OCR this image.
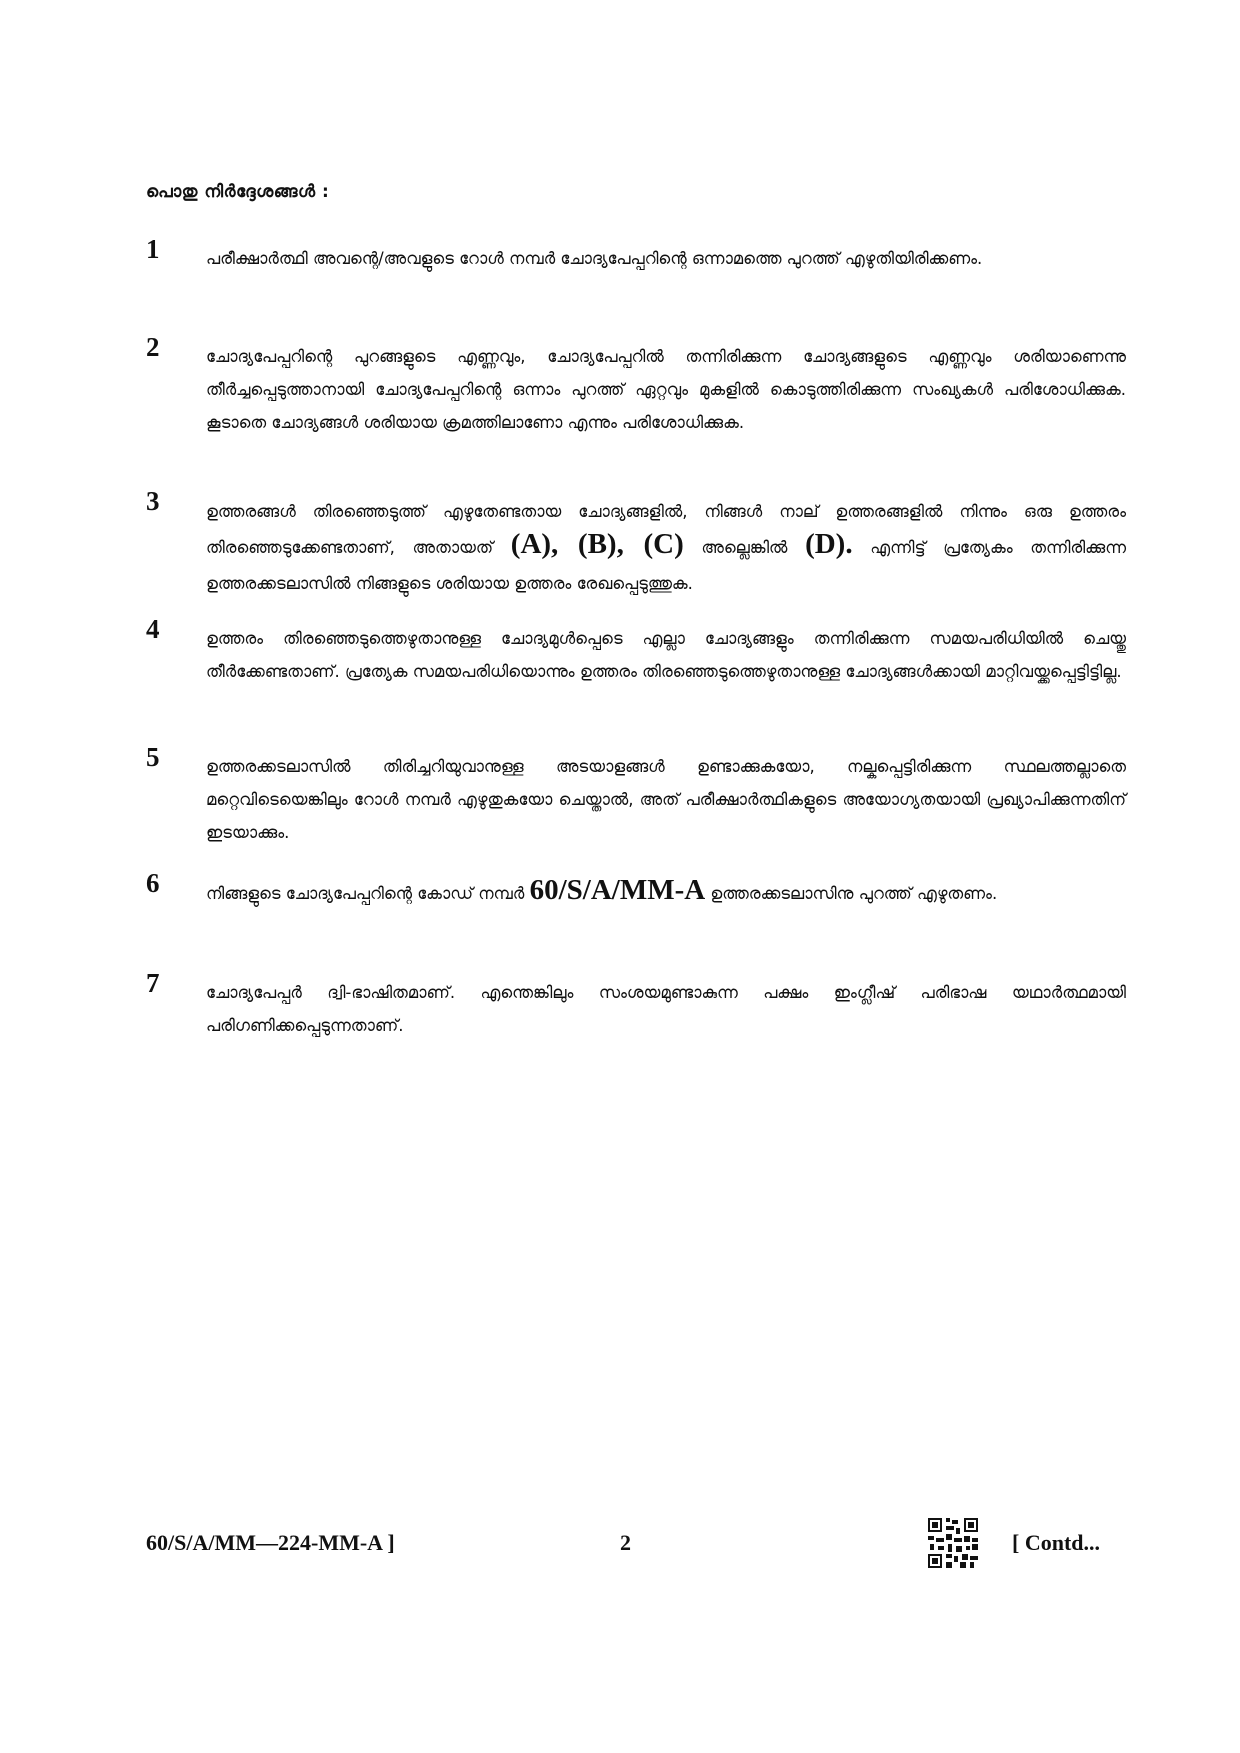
പൊതു നിർദ്ദേശങ്ങൾ :
1	പരീക്ഷാർത്ഥി അവന്റെ/അവളുടെ റോൾ നമ്പർ ചോദ്യപേപ്പറിന്റെ ഒന്നാമത്തെ പുറത്ത് എഴുതിയിരിക്കണം.
2	ചോദ്യപേപ്പറിന്റെ പുറങ്ങളുടെ എണ്ണവും, ചോദ്യപേപ്പറിൽ തന്നിരിക്കുന്ന ചോദ്യങ്ങളുടെ എണ്ണവും ശരിയാണെന്നു തീർച്ചപ്പെടുത്താനായി ചോദ്യപേപ്പറിന്റെ ഒന്നാം പുറത്ത് ഏറ്റവും മുകളിൽ കൊടുത്തിരിക്കുന്ന സംഖ്യകൾ പരിശോധിക്കുക. കൂടാതെ ചോദ്യങ്ങൾ ശരിയായ ക്രമത്തിലാണോ എന്നും പരിശോധിക്കുക.
3	ഉത്തരങ്ങൾ തിരഞ്ഞെടുത്ത് എഴുതേണ്ടതായ ചോദ്യങ്ങളിൽ, നിങ്ങൾ നാല് ഉത്തരങ്ങളിൽ നിന്നും ഒരു ഉത്തരം തിരഞ്ഞെടുക്കേണ്ടതാണ്, അതായത് (A), (B), (C) അല്ലെങ്കിൽ (D). എന്നിട്ട് പ്രത്യേകം തന്നിരിക്കുന്ന ഉത്തരക്കടലാസിൽ നിങ്ങളുടെ ശരിയായ ഉത്തരം രേഖപ്പെടുത്തുക.
4	ഉത്തരം തിരഞ്ഞെടുത്തെഴുതാനുള്ള ചോദ്യമുൾപ്പെടെ എല്ലാ ചോദ്യങ്ങളും തന്നിരിക്കുന്ന സമയപരിധിയിൽ ചെയ്തു തീർക്കേണ്ടതാണ്. പ്രത്യേക സമയപരിധിയൊന്നും ഉത്തരം തിരഞ്ഞെടുത്തെഴുതാനുള്ള ചോദ്യങ്ങൾക്കായി മാറ്റിവയ്ക്കപ്പെട്ടിട്ടില്ല.
5	ഉത്തരക്കടലാസിൽ തിരിച്ചറിയുവാനുള്ള അടയാളങ്ങൾ ഉണ്ടാക്കുകയോ, നല്കപ്പെട്ടിരിക്കുന്ന സ്ഥലത്തല്ലാതെ മറ്റെവിടെയെങ്കിലും റോൾ നമ്പർ എഴുതുകയോ ചെയ്താൽ, അത് പരീക്ഷാർത്ഥികളുടെ അയോഗ്യതയായി പ്രഖ്യാപിക്കുന്നതിന് ഇടയാക്കും.
6	നിങ്ങളുടെ ചോദ്യപേപ്പറിന്റെ കോഡ് നമ്പർ 60/S/A/MM-A ഉത്തരക്കടലാസിനു പുറത്ത് എഴുതണം.
7	ചോദ്യപേപ്പർ ദ്വി-ഭാഷിതമാണ്. എന്തെങ്കിലും സംശയമുണ്ടാകുന്ന പക്ഷം ഇംഗ്ലീഷ് പരിഭാഷ യഥാർത്ഥമായി പരിഗണിക്കപ്പെടുന്നതാണ്.
60/S/A/MM—224-MM-A ]	2	[ Contd...
